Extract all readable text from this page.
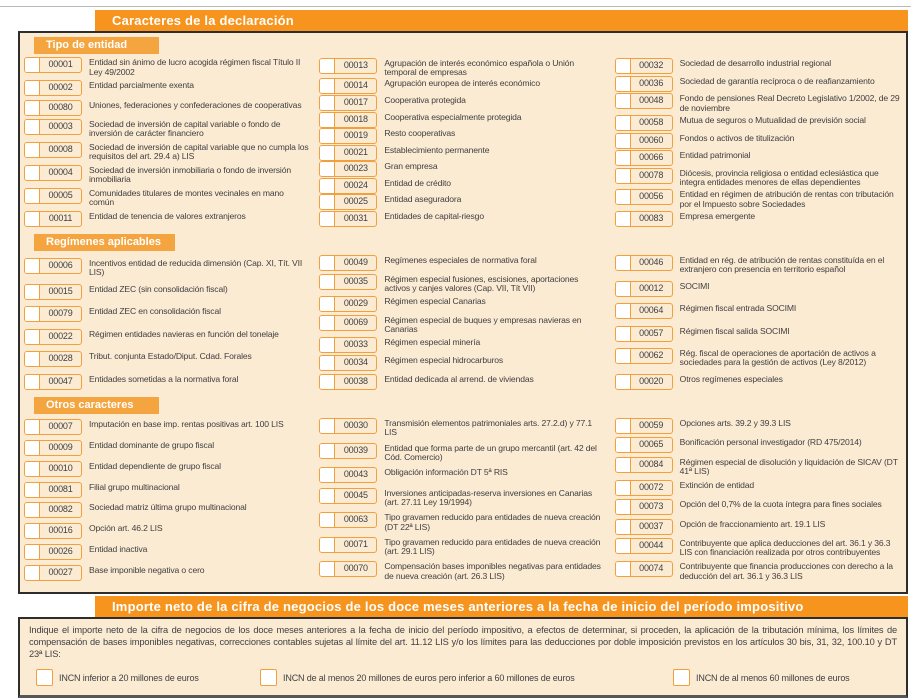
Caracteres de la declaración
Tipo de entidad
00001	Entidad sin ánimo de lucro acogida régimen fiscal Título II Ley 49/2002
00002	Entidad parcialmente exenta
00080	Uniones, federaciones y confederaciones de cooperativas
00003	Sociedad de inversión de capital variable o fondo de inversión de carácter financiero
00008	Sociedad de inversión de capital variable que no cumpla los requisitos del art. 29.4 a) LIS
00004	Sociedad de inversión inmobiliaria o fondo de inversión inmobiliaria
00005	Comunidades titulares de montes vecinales en mano común
00011	Entidad de tenencia de valores extranjeros
Regímenes aplicables
00006	Incentivos entidad de reducida dimensión (Cap. XI, Tít. VII LIS)
00015	Entidad ZEC (sin consolidación fiscal)
00079	Entidad ZEC en consolidación fiscal
00022	Régimen entidades navieras en función del tonelaje
00028	Tribut. conjunta Estado/Diput. Cdad. Forales
00047	Entidades sometidas a la normativa foral
Otros caracteres
00007	Imputación en base imp. rentas positivas art. 100 LIS
00009	Entidad dominante de grupo fiscal
00010	Entidad dependiente de grupo fiscal
00081	Filial grupo multinacional
00082	Sociedad matriz última grupo multinacional
00016	Opción art. 46.2 LIS
00026	Entidad inactiva
00027	Base imponible negativa o cero
00013	Agrupación de interés económico española o Unión temporal de empresas
00014	Agrupación europea de interés económico
00017	Cooperativa protegida
00018	Cooperativa especialmente protegida
00019	Resto cooperativas
00021	Establecimiento permanente
00023	Gran empresa
00024	Entidad de crédito
00025	Entidad aseguradora
00031	Entidades de capital-riesgo
00049	Regímenes especiales de normativa foral
00035	Régimen especial fusiones, escisiones, aportaciones activos y canjes valores (Cap. VII, Tít VII)
00029	Régimen especial Canarias
00069	Régimen especial de buques y empresas navieras en Canarias
00033	Régimen especial minería
00034	Régimen especial hidrocarburos
00038	Entidad dedicada al arrend. de viviendas
00030	Transmisión elementos patrimoniales arts. 27.2.d) y 77.1 LIS
00039	Entidad que forma parte de un grupo mercantil (art. 42 del Cód. Comercio)
00043	Obligación información DT 5ª RIS
00045	Inversiones anticipadas-reserva inversiones en Canarias (art. 27.11 Ley 19/1994)
00063	Tipo gravamen reducido para entidades de nueva creación (DT 22ª LIS)
00071	Tipo gravamen reducido para entidades de nueva creación (art. 29.1 LIS)
00070	Compensación bases imponibles negativas para entidades de nueva creación (art. 26.3 LIS)
00032	Sociedad de desarrollo industrial regional
00036	Sociedad de garantía recíproca o de reafianzamiento
00048	Fondo de pensiones Real Decreto Legislativo 1/2002, de 29 de noviembre
00058	Mutua de seguros o Mutualidad de previsión social
00060	Fondos o activos de titulización
00066	Entidad patrimonial
00078	Diócesis, provincia religiosa o entidad eclesiástica que integra entidades menores de ellas dependientes
00056	Entidad en régimen de atribución de rentas con tributación por el Impuesto sobre Sociedades
00083	Empresa emergente
00046	Entidad en rég. de atribución de rentas constituída en el extranjero con presencia en territorio español
00012	SOCIMI
00064	Régimen fiscal entrada SOCIMI
00057	Régimen fiscal salida SOCIMI
00062	Rég. fiscal de operaciones de aportación de activos a sociedades para la gestión de activos (Ley 8/2012)
00020	Otros regímenes especiales
00059	Opciones arts. 39.2 y 39.3 LIS
00065	Bonificación personal investigador (RD 475/2014)
00084	Régimen especial de disolución y liquidación de SICAV (DT 41ª LIS)
00072	Extinción de entidad
00073	Opción del 0,7% de la cuota íntegra para fines sociales
00037	Opción de fraccionamiento art. 19.1 LIS
00044	Contribuyente que aplica deducciones del art. 36.1 y 36.3 LIS con financiación realizada por otros contribuyentes
00074	Contribuyente que financia producciones con derecho a la deducción del art. 36.1 y 36.3 LIS
Importe neto de la cifra de negocios de los doce meses anteriores a la fecha de inicio del período impositivo
Indique el importe neto de la cifra de negocios de los doce meses anteriores a la fecha de inicio del período impositivo, a efectos de determinar, si proceden, la aplicación de la tributación mínima, los límites de compensación de bases imponibles negativas, correcciones contables sujetas al límite del art. 11.12 LIS y/o los límites para las deducciones por doble imposición previstos en los artículos 30 bis, 31, 32, 100.10 y DT 23ª LIS:
INCN inferior a 20 millones de euros	INCN de al menos 20 millones de euros pero inferior a 60 millones de euros	INCN de al menos 60 millones de euros
